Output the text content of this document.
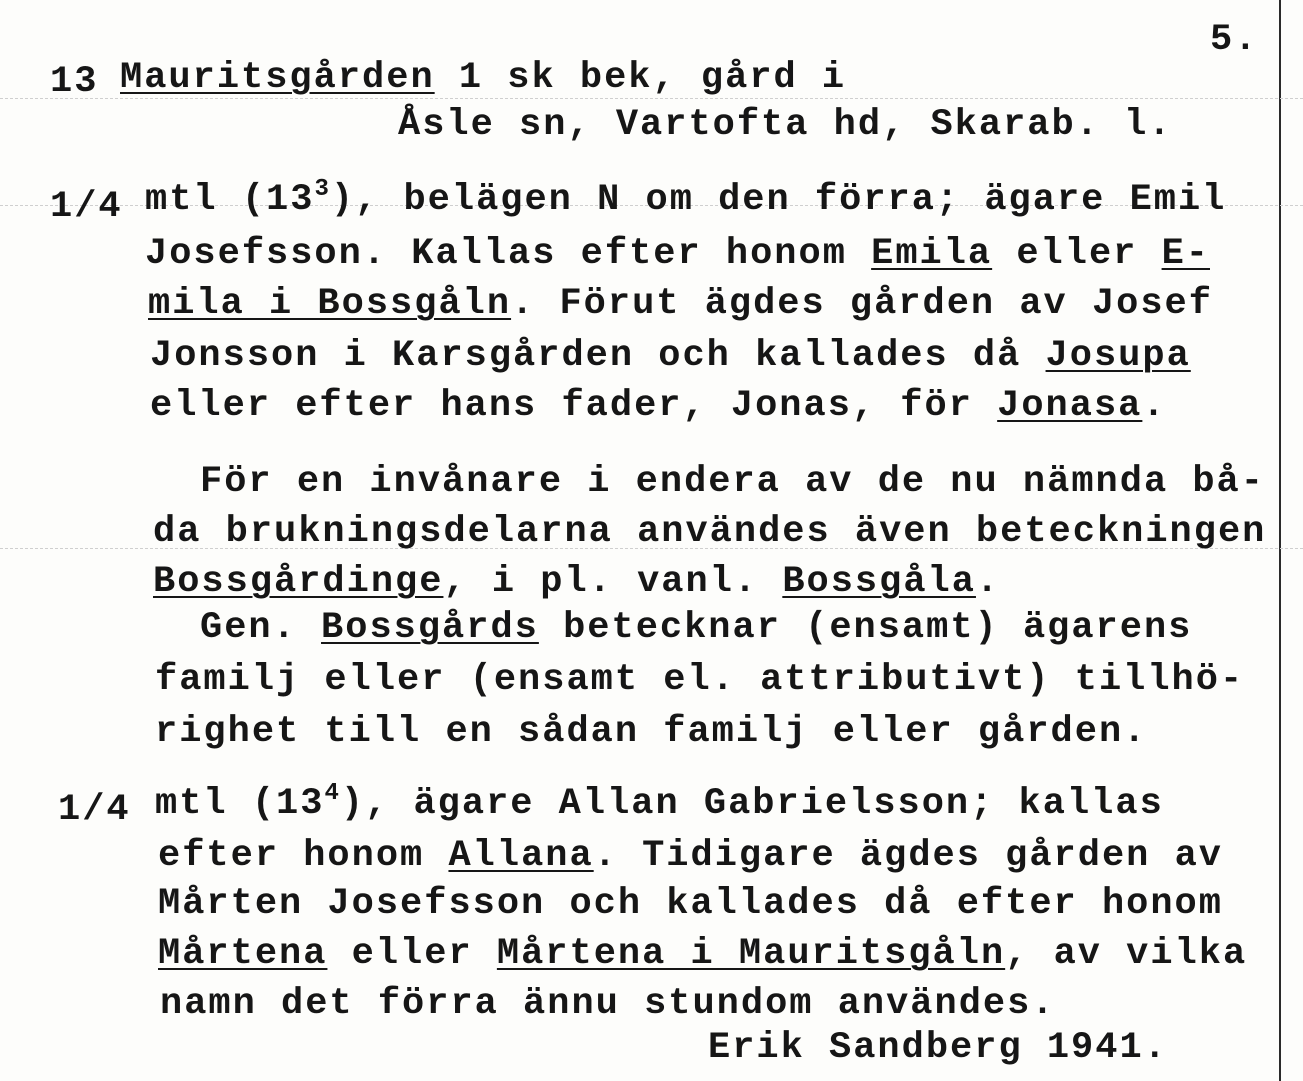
5.
13 Mauritsgården 1 sk bek, gård i
Åsle sn, Vartofta hd, Skarab. l.
1/4 mtl $(13^3)$, belägen N om den förra; ägare Emil
Josefsson. Kallas efter honom Emila eller E-
mila i Bossgåln. Förut ägdes gården av Josef
Jonsson i Karsgården och kallades då Josupa
eller efter hans fader, Jonas, för Jonasa.
För en invånare i endera av de nu nämnda bå-
da brukningsdelarna användes även beteckningen
Bossgårdinge, i pl. vanl. Bossgåla.
Gen. Bossgårds betecknar (ensamt) ägarens
familj eller (ensamt el. attributivt) tillhö-
righet till en sådan familj eller gården.
1/4 mtl $(13^4)$, ägare Allan Gabrielsson; kallas
efter honom Allana. Tidigare ägdes gården av
Mårten Josefsson och kallades då efter honom
Mårtena eller Mårtena i Mauritsgåln, av vilka
namn det förra ännu stundom användes.
Erik Sandberg 1941.
